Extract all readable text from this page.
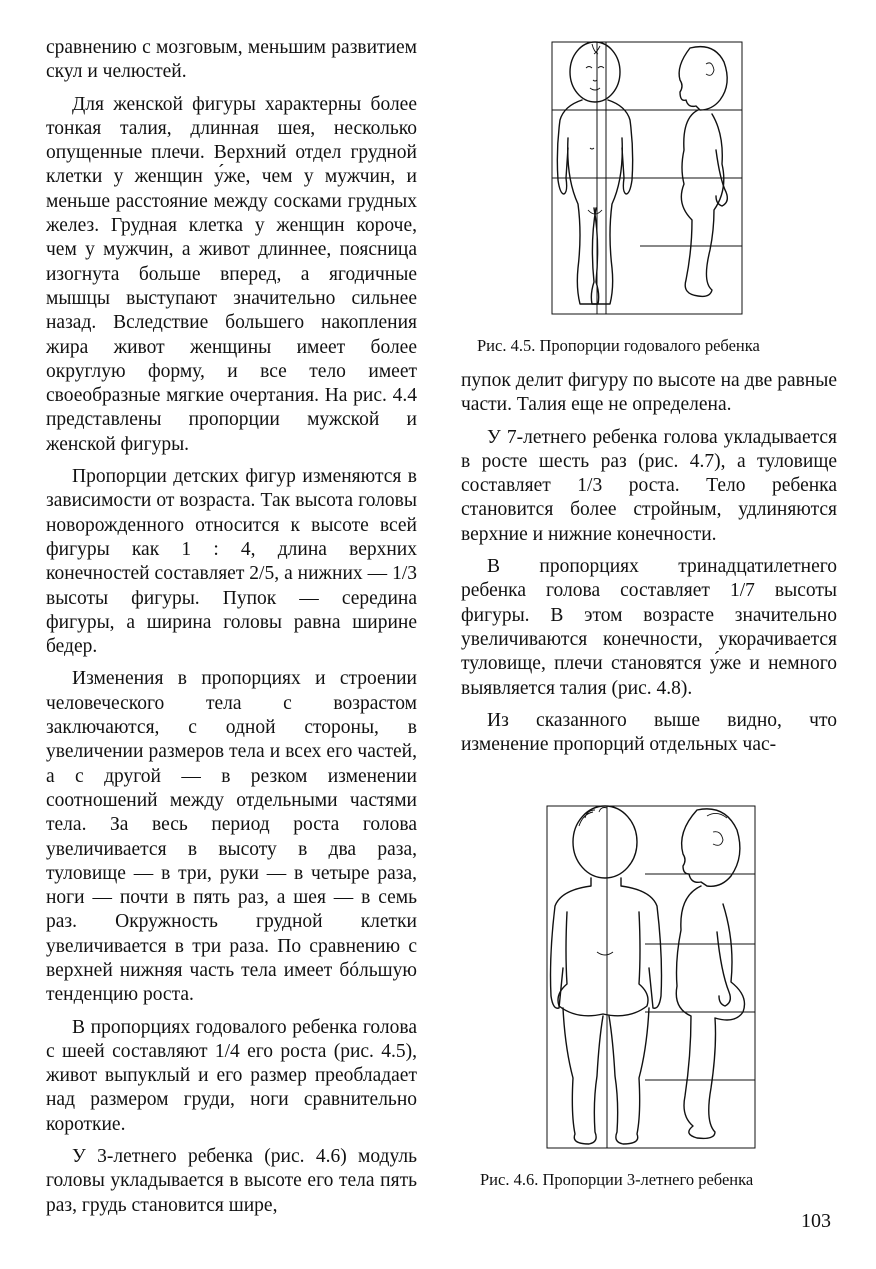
сравнению с мозговым, меньшим развитием скул и челюстей.

Для женской фигуры характерны более тонкая талия, длинная шея, несколько опущенные плечи. Верхний отдел грудной клетки у женщин у́же, чем у мужчин, и меньше расстояние между сосками грудных желез. Грудная клетка у женщин короче, чем у мужчин, а живот длиннее, поясница изогнута больше вперед, а ягодичные мышцы выступают значительно сильнее назад. Вследствие большего накопления жира живот женщины имеет более округлую форму, и все тело имеет своеобразные мягкие очертания. На рис. 4.4 представлены пропорции мужской и женской фигуры.

Пропорции детских фигур изменяются в зависимости от возраста. Так высота головы новорожденного относится к высоте всей фигуры как 1 : 4, длина верхних конечностей составляет 2/5, а нижних — 1/3 высоты фигуры. Пупок — середина фигуры, а ширина головы равна ширине бедер.

Изменения в пропорциях и строении человеческого тела с возрастом заключаются, с одной стороны, в увеличении размеров тела и всех его частей, а с другой — в резком изменении соотношений между отдельными частями тела. За весь период роста голова увеличивается в высоту в два раза, туловище — в три, руки — в четыре раза, ноги — почти в пять раз, а шея — в семь раз. Окружность грудной клетки увеличивается в три раза. По сравнению с верхней нижняя часть тела имеет бóльшую тенденцию роста.

В пропорциях годовалого ребенка голова с шеей составляют 1/4 его роста (рис. 4.5), живот выпуклый и его размер преобладает над размером груди, ноги сравнительно короткие.

У 3-летнего ребенка (рис. 4.6) модуль головы укладывается в высоте его тела пять раз, грудь становится шире,

Рис. 4.5. Пропорции годовалого ребенка

пупок делит фигуру по высоте на две равные части. Талия еще не определена.

У 7-летнего ребенка голова укладывается в росте шесть раз (рис. 4.7), а туловище составляет 1/3 роста. Тело ребенка становится более стройным, удлиняются верхние и нижние конечности.

В пропорциях тринадцатилетнего ребенка голова составляет 1/7 высоты фигуры. В этом возрасте значительно увеличиваются конечности, укорачивается туловище, плечи становятся у́же и немного выявляется талия (рис. 4.8).

Из сказанного выше видно, что изменение пропорций отдельных час-

Рис. 4.6. Пропорции 3-летнего ребенка
103
